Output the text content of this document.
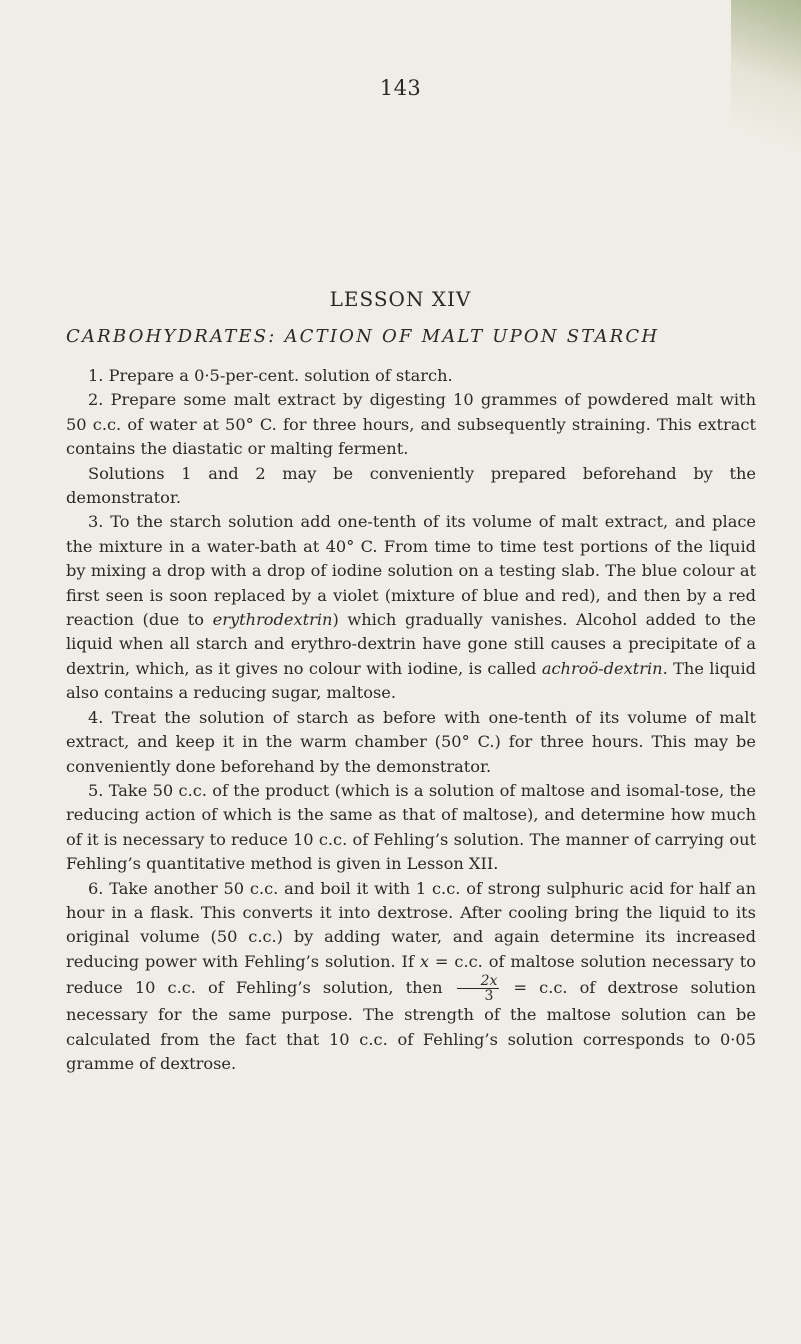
143
LESSON XIV
CARBOHYDRATES: ACTION OF MALT UPON STARCH

1. Prepare a 0·5-per-cent. solution of starch.

2. Prepare some malt extract by digesting 10 grammes of powdered malt with 50 c.c. of water at 50° C. for three hours, and subsequently straining. This extract contains the diastatic or malting ferment.

Solutions 1 and 2 may be conveniently prepared beforehand by the demonstrator.

3. To the starch solution add one-tenth of its volume of malt extract, and place the mixture in a water-bath at 40° C. From time to time test portions of the liquid by mixing a drop with a drop of iodine solution on a testing slab. The blue colour at first seen is soon replaced by a violet (mixture of blue and red), and then by a red reaction (due to erythrodextrin) which gradually vanishes. Alcohol added to the liquid when all starch and erythro-dextrin have gone still causes a precipitate of a dextrin, which, as it gives no colour with iodine, is called achroö-dextrin. The liquid also contains a reducing sugar, maltose.

4. Treat the solution of starch as before with one-tenth of its volume of malt extract, and keep it in the warm chamber (50° C.) for three hours. This may be conveniently done beforehand by the demonstrator.

5. Take 50 c.c. of the product (which is a solution of maltose and isomal-tose, the reducing action of which is the same as that of maltose), and determine how much of it is necessary to reduce 10 c.c. of Fehling’s solution. The manner of carrying out Fehling’s quantitative method is given in Lesson XII.

6. Take another 50 c.c. and boil it with 1 c.c. of strong sulphuric acid for half an hour in a flask. This converts it into dextrose. After cooling bring the liquid to its original volume (50 c.c.) by adding water, and again determine its increased reducing power with Fehling’s solution. If x = c.c. of maltose solution necessary to reduce 10 c.c. of Fehling’s solution, then $\frac{2x}{3} = c.c$. of dextrose solution necessary for the same purpose. The strength of the maltose solution can be calculated from the fact that 10 c.c. of Fehling’s solution corresponds to 0·05 gramme of dextrose.
